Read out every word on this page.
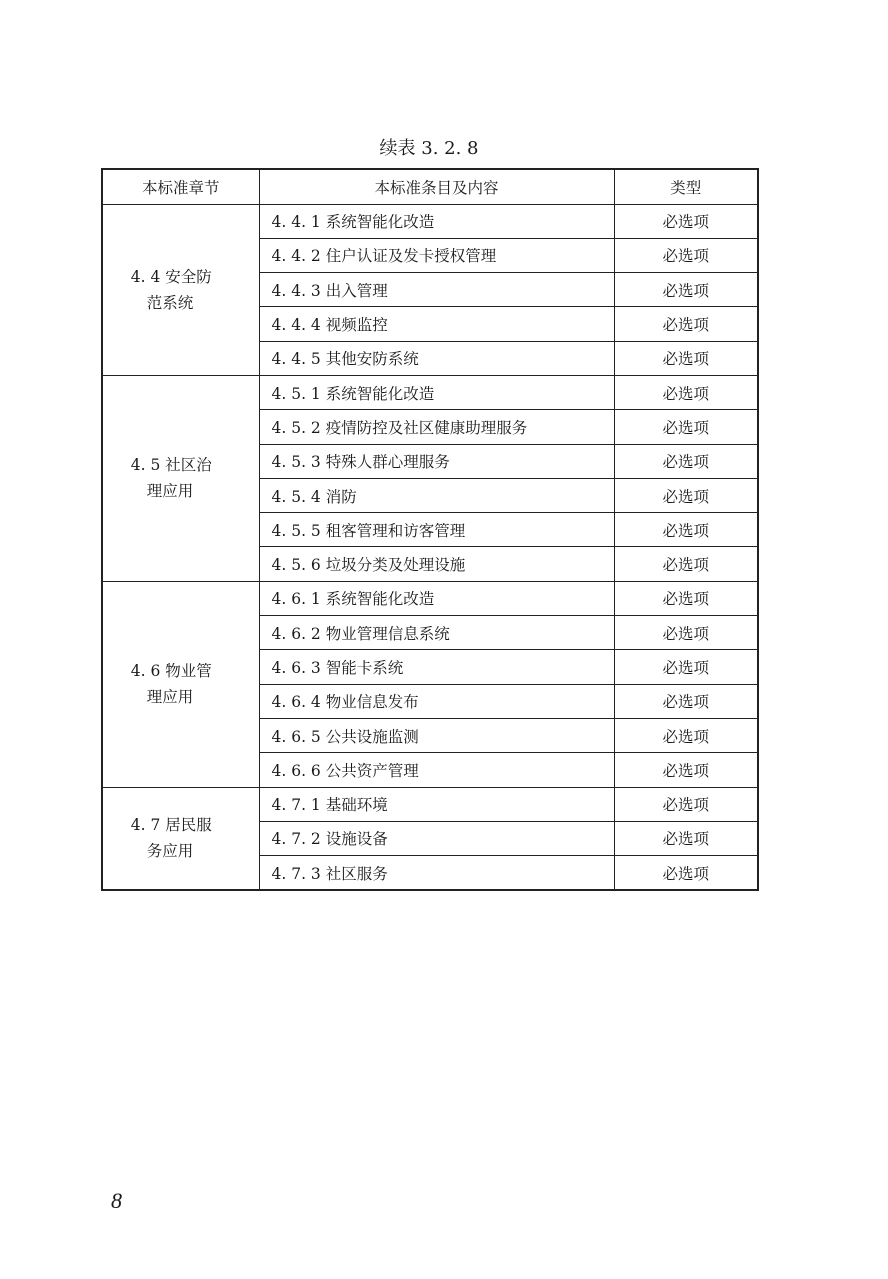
续表 3. 2. 8
本标准章节	本标准条目及内容	类型

4. 4 安全防
范系统	4. 4. 1 系统智能化改造	必选项
	4. 4. 2 住户认证及发卡授权管理	必选项
	4. 4. 3 出入管理	必选项
	4. 4. 4 视频监控	必选项
	4. 4. 5 其他安防系统	必选项

4. 5 社区治
理应用	4. 5. 1 系统智能化改造	必选项
	4. 5. 2 疫情防控及社区健康助理服务	必选项
	4. 5. 3 特殊人群心理服务	必选项
	4. 5. 4 消防	必选项
	4. 5. 5 租客管理和访客管理	必选项
	4. 5. 6 垃圾分类及处理设施	必选项

4. 6 物业管
理应用	4. 6. 1 系统智能化改造	必选项
	4. 6. 2 物业管理信息系统	必选项
	4. 6. 3 智能卡系统	必选项
	4. 6. 4 物业信息发布	必选项
	4. 6. 5 公共设施监测	必选项
	4. 6. 6 公共资产管理	必选项

4. 7 居民服
务应用	4. 7. 1 基础环境	必选项
	4. 7. 2 设施设备	必选项
	4. 7. 3 社区服务	必选项
8
